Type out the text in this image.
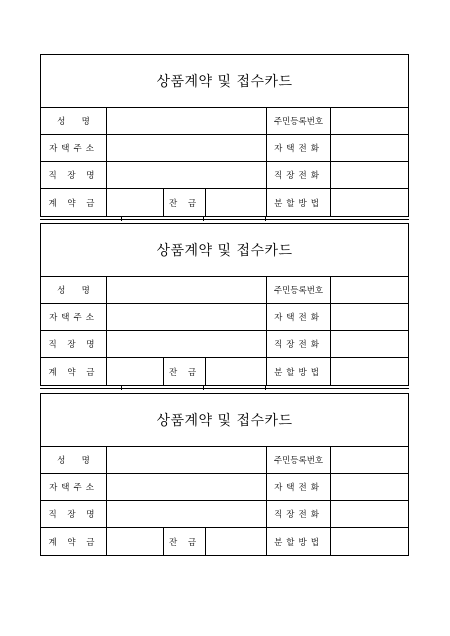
상품계약 및 접수카드
성      명	주민등록번호
자택주소	자택전화
직 장 명	직장전화
계 약 금	잔 금	분할방법
상품계약 및 접수카드
성      명	주민등록번호
자택주소	자택전화
직 장 명	직장전화
계 약 금	잔 금	분할방법
상품계약 및 접수카드
성      명	주민등록번호
자택주소	자택전화
직 장 명	직장전화
계 약 금	잔 금	분할방법
